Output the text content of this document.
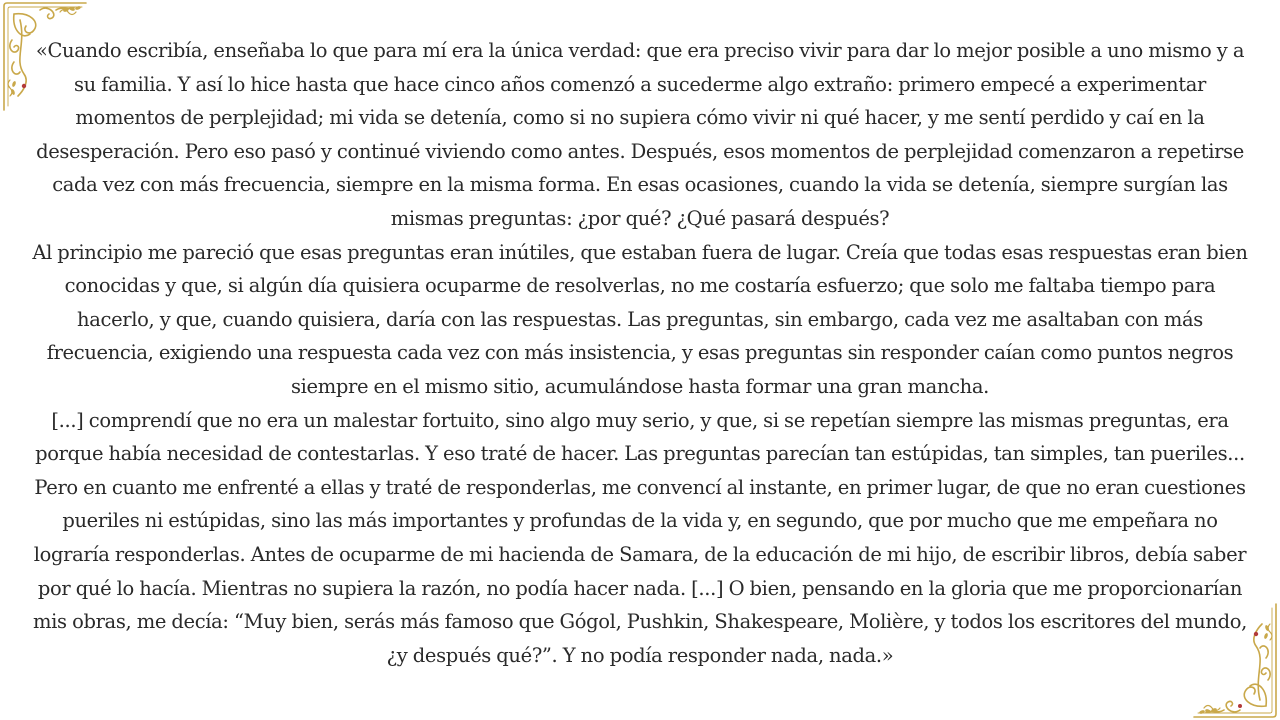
«Cuando escribía, enseñaba lo que para mí era la única verdad: que era preciso vivir para dar lo mejor posible a uno mismo y a su familia. Y así lo hice hasta que hace cinco años comenzó a sucederme algo extraño: primero empecé a experimentar momentos de perplejidad; mi vida se detenía, como si no supiera cómo vivir ni qué hacer, y me sentí perdido y caí en la desesperación. Pero eso pasó y continué viviendo como antes. Después, esos momentos de perplejidad comenzaron a repetirse cada vez con más frecuencia, siempre en la misma forma. En esas ocasiones, cuando la vida se detenía, siempre surgían las mismas preguntas: ¿por qué? ¿Qué pasará después?

Al principio me pareció que esas preguntas eran inútiles, que estaban fuera de lugar. Creía que todas esas respuestas eran bien conocidas y que, si algún día quisiera ocuparme de resolverlas, no me costaría esfuerzo; que solo me faltaba tiempo para hacerlo, y que, cuando quisiera, daría con las respuestas. Las preguntas, sin embargo, cada vez me asaltaban con más frecuencia, exigiendo una respuesta cada vez con más insistencia, y esas preguntas sin responder caían como puntos negros siempre en el mismo sitio, acumulándose hasta formar una gran mancha.

[...] comprendí que no era un malestar fortuito, sino algo muy serio, y que, si se repetían siempre las mismas preguntas, era porque había necesidad de contestarlas. Y eso traté de hacer. Las preguntas parecían tan estúpidas, tan simples, tan pueriles... Pero en cuanto me enfrenté a ellas y traté de responderlas, me convencí al instante, en primer lugar, de que no eran cuestiones pueriles ni estúpidas, sino las más importantes y profundas de la vida y, en segundo, que por mucho que me empeñara no lograría responderlas. Antes de ocuparme de mi hacienda de Samara, de la educación de mi hijo, de escribir libros, debía saber por qué lo hacía. Mientras no supiera la razón, no podía hacer nada. [...] O bien, pensando en la gloria que me proporcionarían mis obras, me decía: “Muy bien, serás más famoso que Gógol, Pushkin, Shakespeare, Molière, y todos los escritores del mundo, ¿y después qué?”. Y no podía responder nada, nada.»
